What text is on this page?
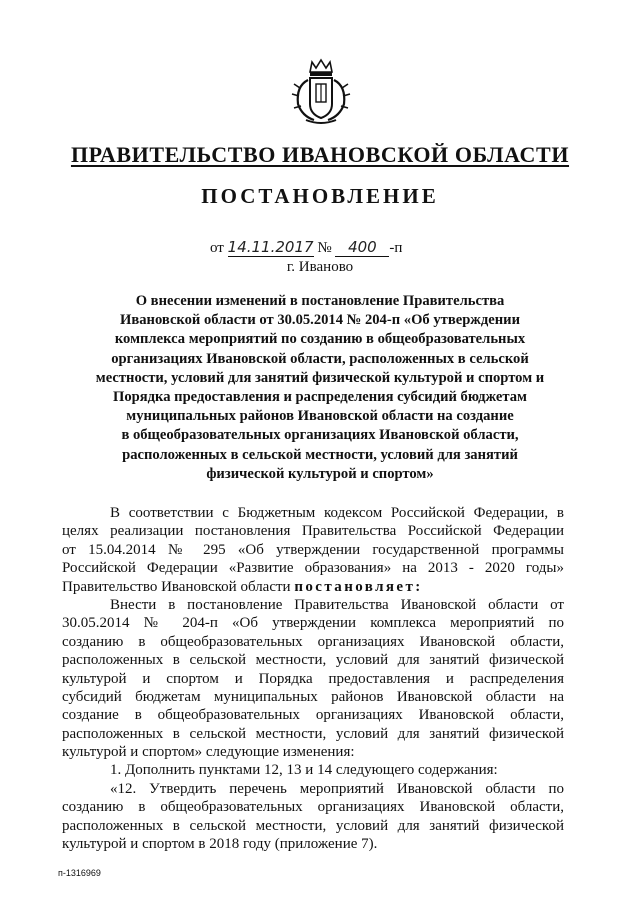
ПРАВИТЕЛЬСТВО ИВАНОВСКОЙ ОБЛАСТИ
ПОСТАНОВЛЕНИЕ
от 14.11.2017 № 400 -п
г. Иваново
О внесении изменений в постановление Правительства
Ивановской области от 30.05.2014 № 204-п «Об утверждении
комплекса мероприятий по созданию в общеобразовательных
организациях Ивановской области, расположенных в сельской
местности, условий для занятий физической культурой и спортом и
Порядка предоставления и распределения субсидий бюджетам
муниципальных районов Ивановской области на создание
в общеобразовательных организациях Ивановской области,
расположенных в сельской местности, условий для занятий
физической культурой и спортом»
В соответствии с Бюджетным кодексом Российской Федерации, в
целях реализации постановления Правительства Российской Федерации
от 15.04.2014 № 295 «Об утверждении государственной программы
Российской Федерации «Развитие образования» на 2013 - 2020 годы»
Правительство Ивановской области постановляет:
Внести в постановление Правительства Ивановской области от
30.05.2014 № 204-п «Об утверждении комплекса мероприятий по
созданию в общеобразовательных организациях Ивановской области,
расположенных в сельской местности, условий для занятий физической
культурой и спортом и Порядка предоставления и распределения
субсидий бюджетам муниципальных районов Ивановской области на
создание в общеобразовательных организациях Ивановской области,
расположенных в сельской местности, условий для занятий физической
культурой и спортом» следующие изменения:
1. Дополнить пунктами 12, 13 и 14 следующего содержания:
«12. Утвердить перечень мероприятий Ивановской области по
созданию в общеобразовательных организациях Ивановской области,
расположенных в сельской местности, условий для занятий физической
культурой и спортом в 2018 году (приложение 7).
п-1316969
